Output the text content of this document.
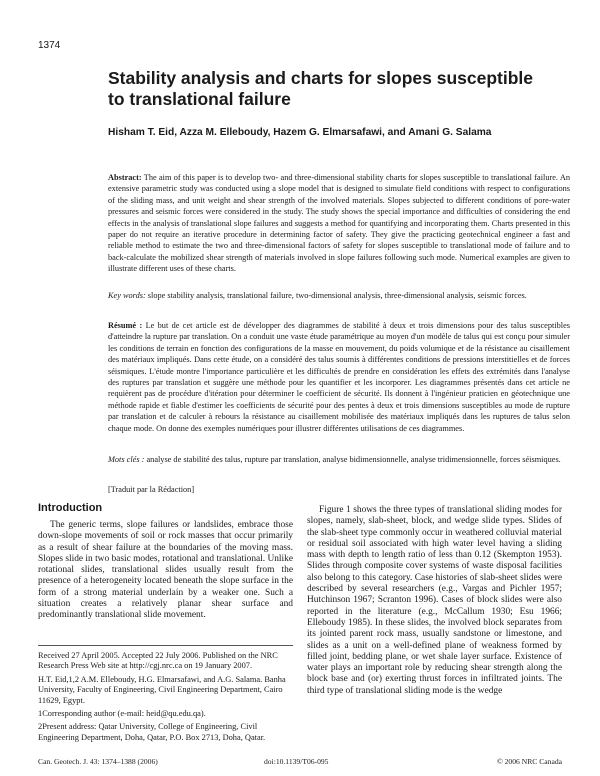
1374
Stability analysis and charts for slopes susceptible to translational failure
Hisham T. Eid, Azza M. Elleboudy, Hazem G. Elmarsafawi, and Amani G. Salama
Abstract: The aim of this paper is to develop two- and three-dimensional stability charts for slopes susceptible to translational failure. An extensive parametric study was conducted using a slope model that is designed to simulate field conditions with respect to configurations of the sliding mass, and unit weight and shear strength of the involved materials. Slopes subjected to different conditions of pore-water pressures and seismic forces were considered in the study. The study shows the special importance and difficulties of considering the end effects in the analysis of translational slope failures and suggests a method for quantifying and incorporating them. Charts presented in this paper do not require an iterative procedure in determining factor of safety. They give the practicing geotechnical engineer a fast and reliable method to estimate the two and three-dimensional factors of safety for slopes susceptible to translational mode of failure and to back-calculate the mobilized shear strength of materials involved in slope failures following such mode. Numerical examples are given to illustrate different uses of these charts.
Key words: slope stability analysis, translational failure, two-dimensional analysis, three-dimensional analysis, seismic forces.
Résumé : Le but de cet article est de développer des diagrammes de stabilité à deux et trois dimensions pour des talus susceptibles d'atteindre la rupture par translation. On a conduit une vaste étude paramétrique au moyen d'un modèle de talus qui est conçu pour simuler les conditions de terrain en fonction des configurations de la masse en mouvement, du poids volumique et de la résistance au cisaillement des matériaux impliqués. Dans cette étude, on a considéré des talus soumis à différentes conditions de pressions interstitielles et de forces séismiques. L'étude montre l'importance particulière et les difficultés de prendre en considération les effets des extrémités dans l'analyse des ruptures par translation et suggère une méthode pour les quantifier et les incorporer. Les diagrammes présentés dans cet article ne requièrent pas de procédure d'itération pour déterminer le coefficient de sécurité. Ils donnent à l'ingénieur praticien en géotechnique une méthode rapide et fiable d'estimer les coefficients de sécurité pour des pentes à deux et trois dimensions susceptibles au mode de rupture par translation et de calculer à rebours la résistance au cisaillement mobilisée des matériaux impliqués dans les ruptures de talus selon chaque mode. On donne des exemples numériques pour illustrer différentes utilisations de ces diagrammes.
Mots clés : analyse de stabilité des talus, rupture par translation, analyse bidimensionnelle, analyse tridimensionnelle, forces séismiques.
[Traduit par la Rédaction]
Introduction
The generic terms, slope failures or landslides, embrace those down-slope movements of soil or rock masses that occur primarily as a result of shear failure at the boundaries of the moving mass. Slopes slide in two basic modes, rotational and translational. Unlike rotational slides, translational slides usually result from the presence of a heterogeneity located beneath the slope surface in the form of a strong material underlain by a weaker one. Such a situation creates a relatively planar shear surface and predominantly translational slide movement.

Figure 1 shows the three types of translational sliding modes for slopes, namely, slab-sheet, block, and wedge slide types. Slides of the slab-sheet type commonly occur in weathered colluvial material or residual soil associated with high water level having a sliding mass with depth to length ratio of less than 0.12 (Skempton 1953). Slides through composite cover systems of waste disposal facilities also belong to this category. Case histories of slab-sheet slides were described by several researchers (e.g., Vargas and Pichler 1957; Hutchinson 1967; Scranton 1996). Cases of block slides were also reported in the literature (e.g., McCallum 1930; Esu 1966; Elleboudy 1985). In these slides, the involved block separates from its jointed parent rock mass, usually sandstone or limestone, and slides as a unit on a well-defined plane of weakness formed by filled joint, bedding plane, or wet shale layer surface. Existence of water plays an important role by reducing shear strength along the block base and (or) exerting thrust forces in infiltrated joints. The third type of translational sliding mode is the wedge

Received 27 April 2005. Accepted 22 July 2006. Published on the NRC Research Press Web site at http://cgj.nrc.ca on 19 January 2007.

H.T. Eid,1,2 A.M. Elleboudy, H.G. Elmarsafawi, and A.G. Salama. Banha University, Faculty of Engineering, Civil Engineering Department, Cairo 11629, Egypt.

1Corresponding author (e-mail: heid@qu.edu.qa).

2Present address: Qatar University, College of Engineering, Civil Engineering Department, Doha, Qatar, P.O. Box 2713, Doha, Qatar.

Can. Geotech. J. 43: 1374–1388 (2006)	doi:10.1139/T06-095	© 2006 NRC Canada
